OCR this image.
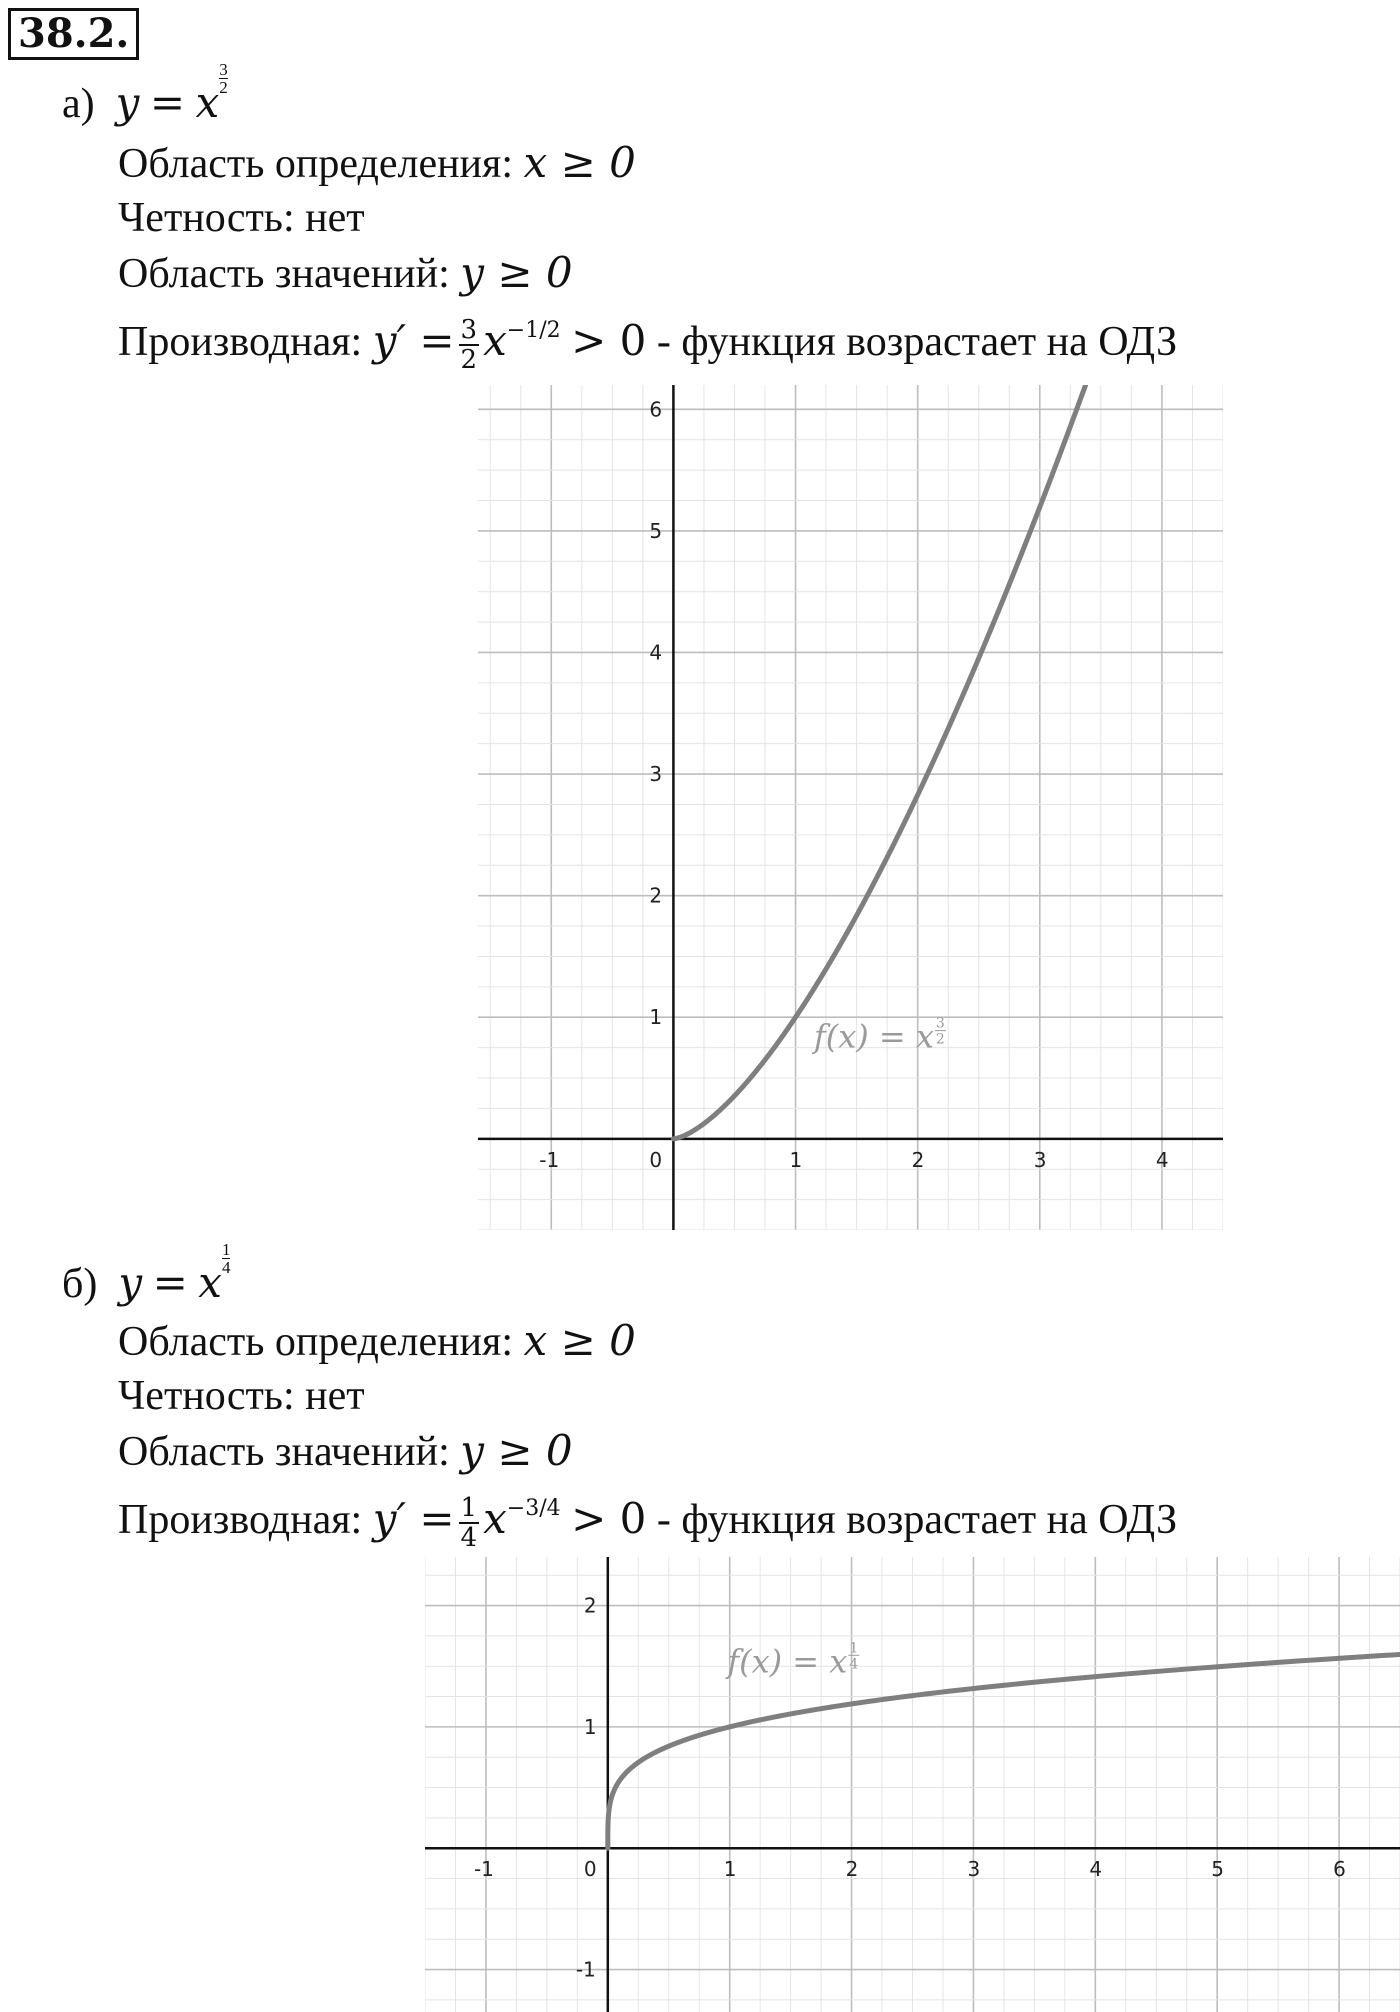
38.2.
а) y = x $\frac{3}{2}$
Область определения: x ≥ 0
Четность: нет
Область значений: y ≥ 0
Производная: $y' = \frac{3}{2} x^{-1/2} > 0$ - функция возрастает на ОДЗ
-1	0	1	2	3	4
1
2
3
4
5
6
f(x) = x 3
2
б) y = x $\frac{1}{4}$
Область определения: x ≥ 0
Четность: нет
Область значений: y ≥ 0
Производная: $y' = \frac{1}{4} x^{-3/4} > 0$ - функция возрастает на ОДЗ
-1	0	1	2	3	4	5	6
-1
1
2
f(x) = x 1
4
